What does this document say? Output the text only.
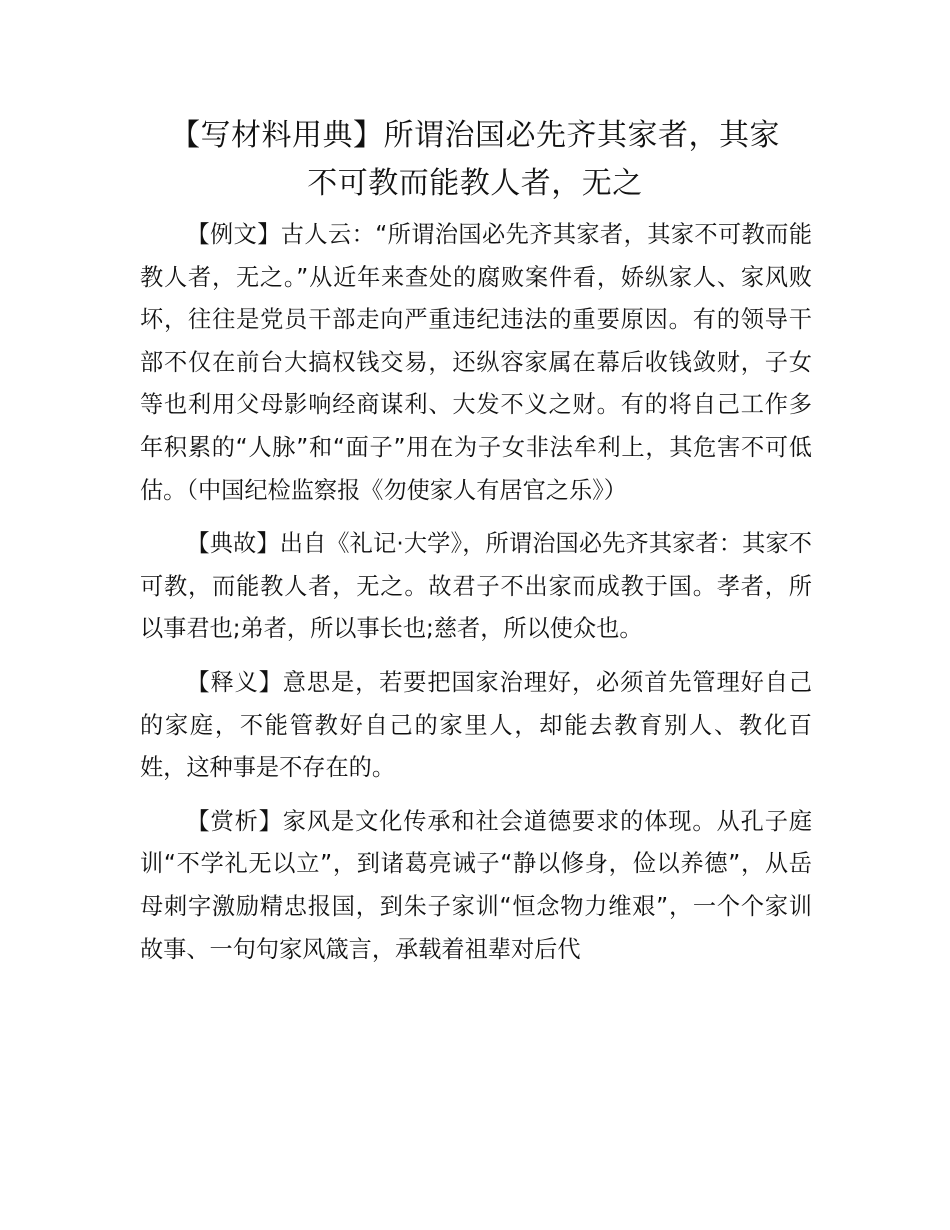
【写材料用典】所谓治国必先齐其家者，其家
不可教而能教人者，无之

【例文】古人云：“所谓治国必先齐其家者，其家不可教而能教人者，无之。”从近年来查处的腐败案件看，娇纵家人、家风败坏，往往是党员干部走向严重违纪违法的重要原因。有的领导干部不仅在前台大搞权钱交易，还纵容家属在幕后收钱敛财，子女等也利用父母影响经商谋利、大发不义之财。有的将自己工作多年积累的“人脉”和“面子”用在为子女非法牟利上，其危害不可低估。（中国纪检监察报《勿使家人有居官之乐》）

【典故】出自《礼记·大学》，所谓治国必先齐其家者：其家不可教，而能教人者，无之。故君子不出家而成教于国。孝者，所以事君也;弟者，所以事长也;慈者，所以使众也。

【释义】意思是，若要把国家治理好，必须首先管理好自己的家庭，不能管教好自己的家里人，却能去教育别人、教化百姓，这种事是不存在的。

【赏析】家风是文化传承和社会道德要求的体现。从孔子庭训“不学礼无以立”，到诸葛亮诫子“静以修身，俭以养德”，从岳母刺字激励精忠报国，到朱子家训“恒念物力维艰”，一个个家训故事、一句句家风箴言，承载着祖辈对后代
